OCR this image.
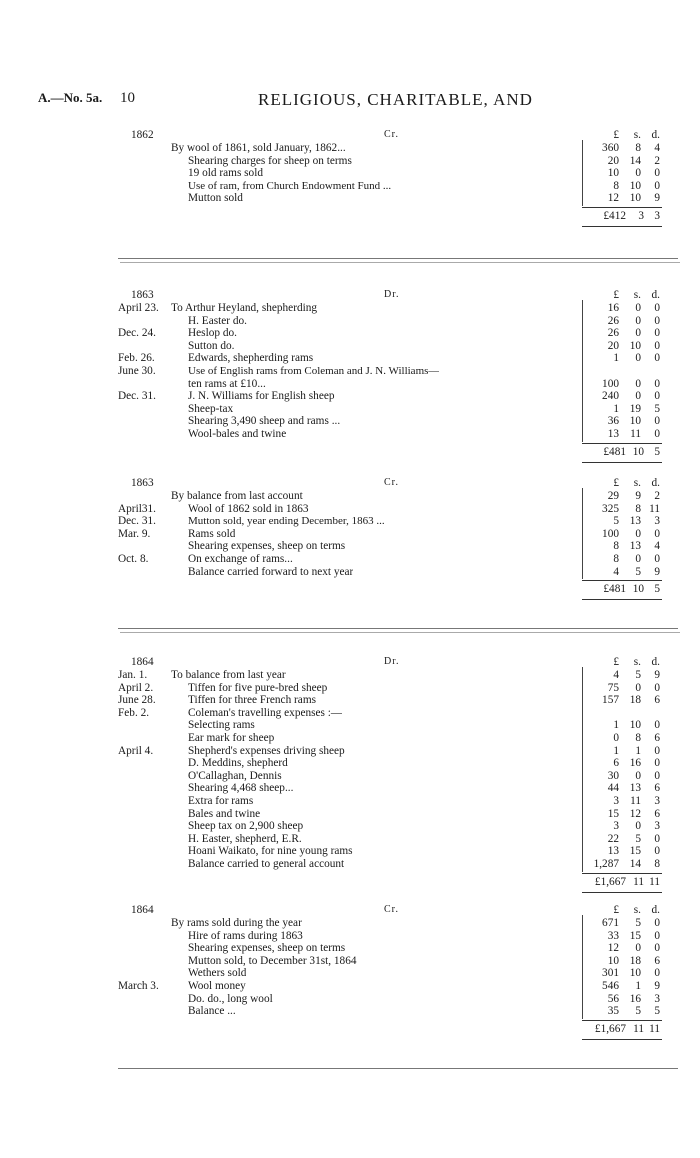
A.—No. 5a. 10	RELIGIOUS, CHARITABLE, AND
1862	Cr.	£	s. d.
By wool of 1861, sold January, 1862...	360	8	4
Shearing charges for sheep on terms	20 14	2
19 old rams sold	10	0	0
Use of ram, from Church Endowment Fund ...	8 10	0
Mutton sold	12 10	9
£412	3 3
1863	Dr.	£	s. d.
April 23. To Arthur Heyland, shepherding	16	0	0
H. Easter do.	26	0	0
Dec. 24.	Heslop do.	26	0	0
Sutton do.	20 10	0
Feb. 26.	Edwards, shepherding rams	1	0	0
June 30.	Use of English rams from Coleman and J. N. Williams—
ten rams at £10...	100	0	0
Dec. 31.	J. N. Williams for English sheep	240	0	0
Sheep-tax	1 19	5
Shearing 3,490 sheep and rams ...	36 10	0
Wool-bales and twine	13 11	0
£481 10 5
1863	Cr.	£	s. d.
By balance from last account	29	9	2
April31.	Wool of 1862 sold in 1863	325	8 11
Dec. 31.	Mutton sold, year ending December, 1863 ...	5 13	3
Mar. 9.	Rams sold	100	0	0
Shearing expenses, sheep on terms	8 13	4
Oct. 8.	On exchange of rams...	8	0	0
Balance carried forward to next year	4	5	9
£481 10 5
1864	Dr.	£	s. d.
Jan. 1. To balance from last year	4	5	9
April 2.	Tiffen for five pure-bred sheep	75	0	0
June 28.	Tiffen for three French rams	157 18	6
Feb. 2.	Coleman's travelling expenses :—
Selecting rams	1 10	0
Ear mark for sheep	0	8	6
April 4.	Shepherd's expenses driving sheep	1	1	0
D. Meddins, shepherd	6 16	0
O'Callaghan, Dennis	30	0	0
Shearing 4,468 sheep...	44 13	6
Extra for rams	3 11	3
Bales and twine	15 12	6
Sheep tax on 2,900 sheep	3	0	3
H. Easter, shepherd, E.R.	22	5	0
Hoani Waikato, for nine young rams	13 15	0
Balance carried to general account	1,287 14	8
£1,667 11 11
1864	Cr.	£	s. d.
By rams sold during the year	671	5	0
Hire of rams during 1863	33 15	0
Shearing expenses, sheep on terms	12	0	0
Mutton sold, to December 31st, 1864	10 18	6
Wethers sold	301 10	0
March 3.	Wool money	546	1	9
Do. do., long wool	56 16	3
Balance ...	35	5	5
£1,667 11 11
